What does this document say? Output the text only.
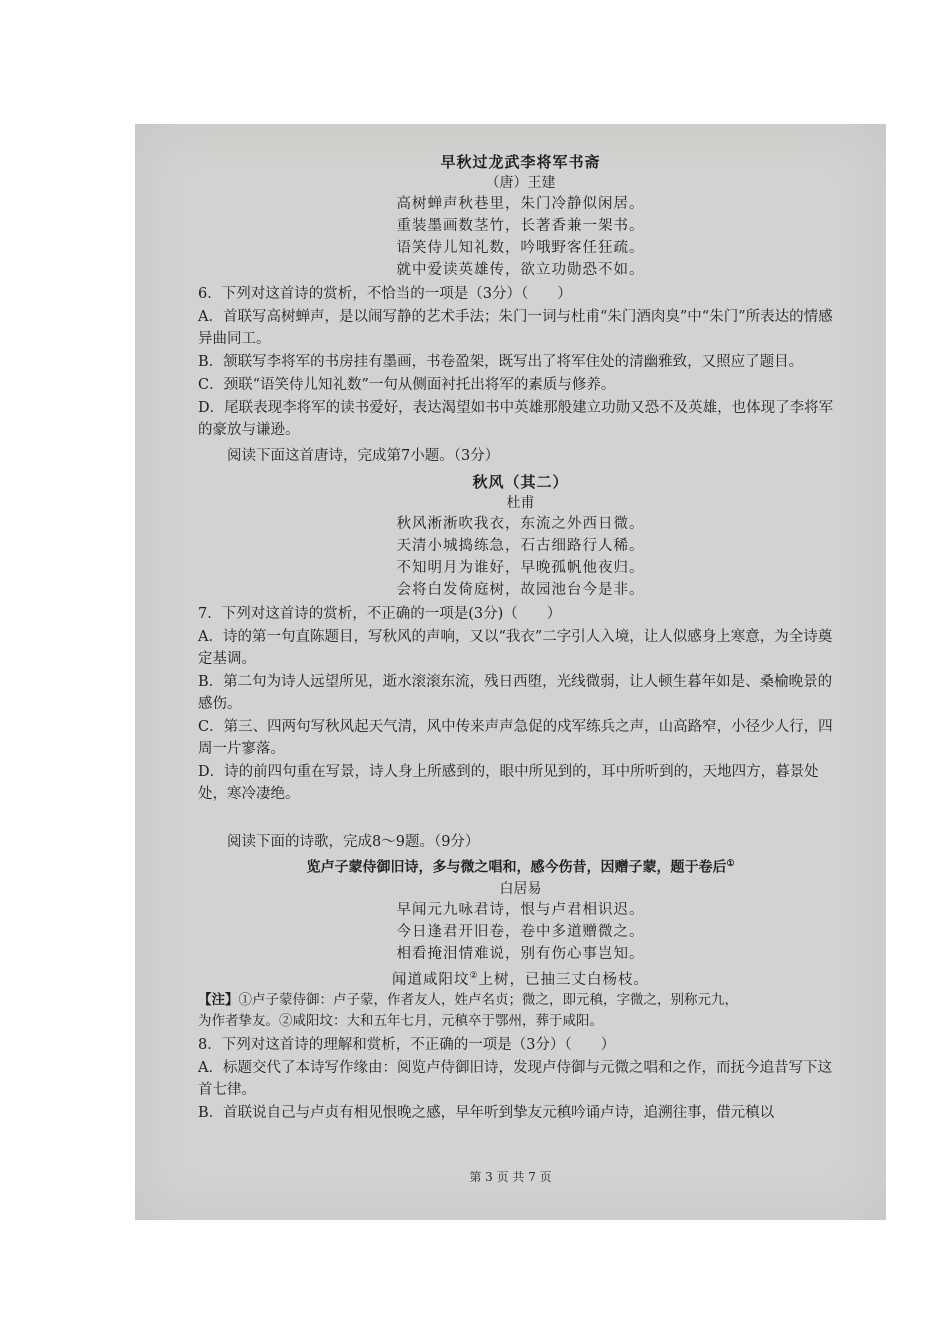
早秋过龙武李将军书斋
（唐）王建
高树蝉声秋巷里，朱门冷静似闲居。
重装墨画数茎竹，长著香兼一架书。
语笑侍儿知礼数，吟哦野客任狂疏。
就中爱读英雄传，欲立功勋恐不如。
6．下列对这首诗的赏析，不恰当的一项是（3分）（　　）
A．首联写高树蝉声，是以闹写静的艺术手法；朱门一词与杜甫“朱门酒肉臭”中“朱门”所表达的情感异曲同工。
B．颔联写李将军的书房挂有墨画，书卷盈架，既写出了将军住处的清幽雅致，又照应了题目。
C．颈联“语笑侍儿知礼数”一句从侧面衬托出将军的素质与修养。
D．尾联表现李将军的读书爱好，表达渴望如书中英雄那般建立功勋又恐不及英雄，也体现了李将军的豪放与谦逊。
阅读下面这首唐诗，完成第7小题。（3分）
秋风（其二）
杜甫
秋风淅淅吹我衣，东流之外西日微。
天清小城捣练急，石古细路行人稀。
不知明月为谁好，早晚孤帆他夜归。
会将白发倚庭树，故园池台今是非。
7．下列对这首诗的赏析，不正确的一项是(3分)（　　）
A．诗的第一句直陈题目，写秋风的声响，又以“我衣”二字引人入境，让人似感身上寒意，为全诗奠定基调。
B．第二句为诗人远望所见，逝水滚滚东流，残日西堕，光线微弱，让人顿生暮年如是、桑榆晚景的感伤。
C．第三、四两句写秋风起天气清，风中传来声声急促的戍军练兵之声，山高路窄，小径少人行，四周一片寥落。
D．诗的前四句重在写景，诗人身上所感到的，眼中所见到的，耳中所听到的，天地四方，暮景处处，寒冷凄绝。
阅读下面的诗歌，完成8～9题。（9分）
览卢子蒙侍御旧诗，多与微之唱和，感今伤昔，因赠子蒙，题于卷后①
白居易
早闻元九咏君诗，恨与卢君相识迟。
今日逢君开旧卷，卷中多道赠微之。
相看掩泪情难说，别有伤心事岂知。
闻道咸阳坟②上树，已抽三丈白杨枝。
【注】①卢子蒙侍御：卢子蒙，作者友人，姓卢名贞；微之，即元稹，字微之，别称元九，
为作者挚友。②咸阳坟：大和五年七月，元稹卒于鄂州，葬于咸阳。
8．下列对这首诗的理解和赏析，不正确的一项是（3分）（　　）
A．标题交代了本诗写作缘由：阅览卢侍御旧诗，发现卢侍御与元微之唱和之作，而抚今追昔写下这首七律。
B．首联说自己与卢贞有相见恨晚之感，早年听到挚友元稹吟诵卢诗，追溯往事，借元稹以
第 3 页 共 7 页
